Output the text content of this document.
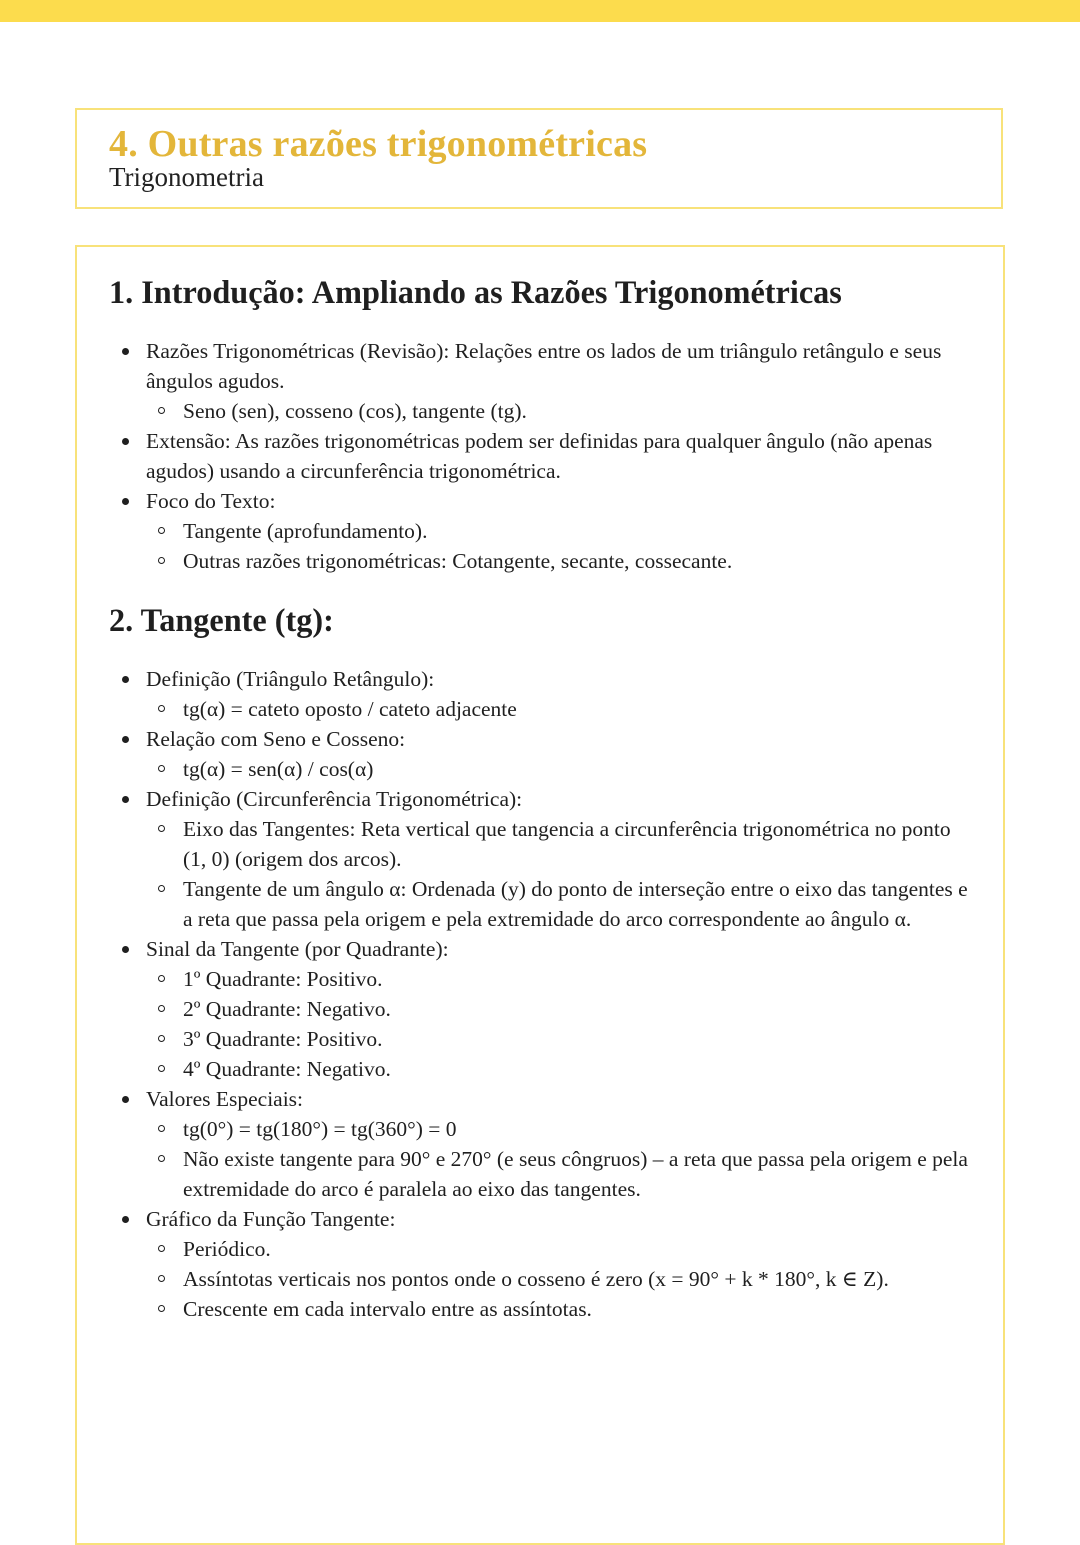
4. Outras razões trigonométricas
Trigonometria
1. Introdução: Ampliando as Razões Trigonométricas
Razões Trigonométricas (Revisão): Relações entre os lados de um triângulo retângulo e seus ângulos agudos.
Seno (sen), cosseno (cos), tangente (tg).
Extensão: As razões trigonométricas podem ser definidas para qualquer ângulo (não apenas agudos) usando a circunferência trigonométrica.
Foco do Texto:
Tangente (aprofundamento).
Outras razões trigonométricas: Cotangente, secante, cossecante.
2. Tangente (tg):
Definição (Triângulo Retângulo):
tg(α) = cateto oposto / cateto adjacente
Relação com Seno e Cosseno:
tg(α) = sen(α) / cos(α)
Definição (Circunferência Trigonométrica):
Eixo das Tangentes: Reta vertical que tangencia a circunferência trigonométrica no ponto (1, 0) (origem dos arcos).
Tangente de um ângulo α: Ordenada (y) do ponto de interseção entre o eixo das tangentes e a reta que passa pela origem e pela extremidade do arco correspondente ao ângulo α.
Sinal da Tangente (por Quadrante):
1º Quadrante: Positivo.
2º Quadrante: Negativo.
3º Quadrante: Positivo.
4º Quadrante: Negativo.
Valores Especiais:
tg(0°) = tg(180°) = tg(360°) = 0
Não existe tangente para 90° e 270° (e seus côngruos) – a reta que passa pela origem e pela extremidade do arco é paralela ao eixo das tangentes.
Gráfico da Função Tangente:
Periódico.
Assíntotas verticais nos pontos onde o cosseno é zero (x = 90° + k * 180°, k ∈ Z).
Crescente em cada intervalo entre as assíntotas.
